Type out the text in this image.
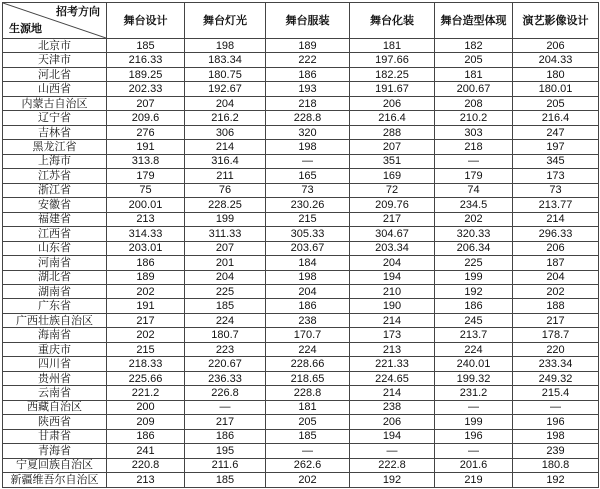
招考方向
生源地	舞台设计	舞台灯光	舞台服装	舞台化装	舞台造型体现	演艺影像设计
北京市	185	198	189	181	182	206
天津市	216.33	183.34	222	197.66	205	204.33
河北省	189.25	180.75	186	182.25	181	180
山西省	202.33	192.67	193	191.67	200.67	180.01
内蒙古自治区	207	204	218	206	208	205
辽宁省	209.6	216.2	228.8	216.4	210.2	216.4
吉林省	276	306	320	288	303	247
黑龙江省	191	214	198	207	218	197
上海市	313.8	316.4	—	351	—	345
江苏省	179	211	165	169	179	173
浙江省	75	76	73	72	74	73
安徽省	200.01	228.25	230.26	209.76	234.5	213.77
福建省	213	199	215	217	202	214
江西省	314.33	311.33	305.33	304.67	320.33	296.33
山东省	203.01	207	203.67	203.34	206.34	206
河南省	186	201	184	204	225	187
湖北省	189	204	198	194	199	204
湖南省	202	225	204	210	192	202
广东省	191	185	186	190	186	188
广西壮族自治区	217	224	238	214	245	217
海南省	202	180.7	170.7	173	213.7	178.7
重庆市	215	223	224	213	224	220
四川省	218.33	220.67	228.66	221.33	240.01	233.34
贵州省	225.66	236.33	218.65	224.65	199.32	249.32
云南省	221.2	226.8	228.8	214	231.2	215.4
西藏自治区	200	—	181	238	—	—
陕西省	209	217	205	206	199	196
甘肃省	186	186	185	194	196	198
青海省	241	195	—	—	—	239
宁夏回族自治区	220.8	211.6	262.6	222.8	201.6	180.8
新疆维吾尔自治区	213	185	202	192	219	192
